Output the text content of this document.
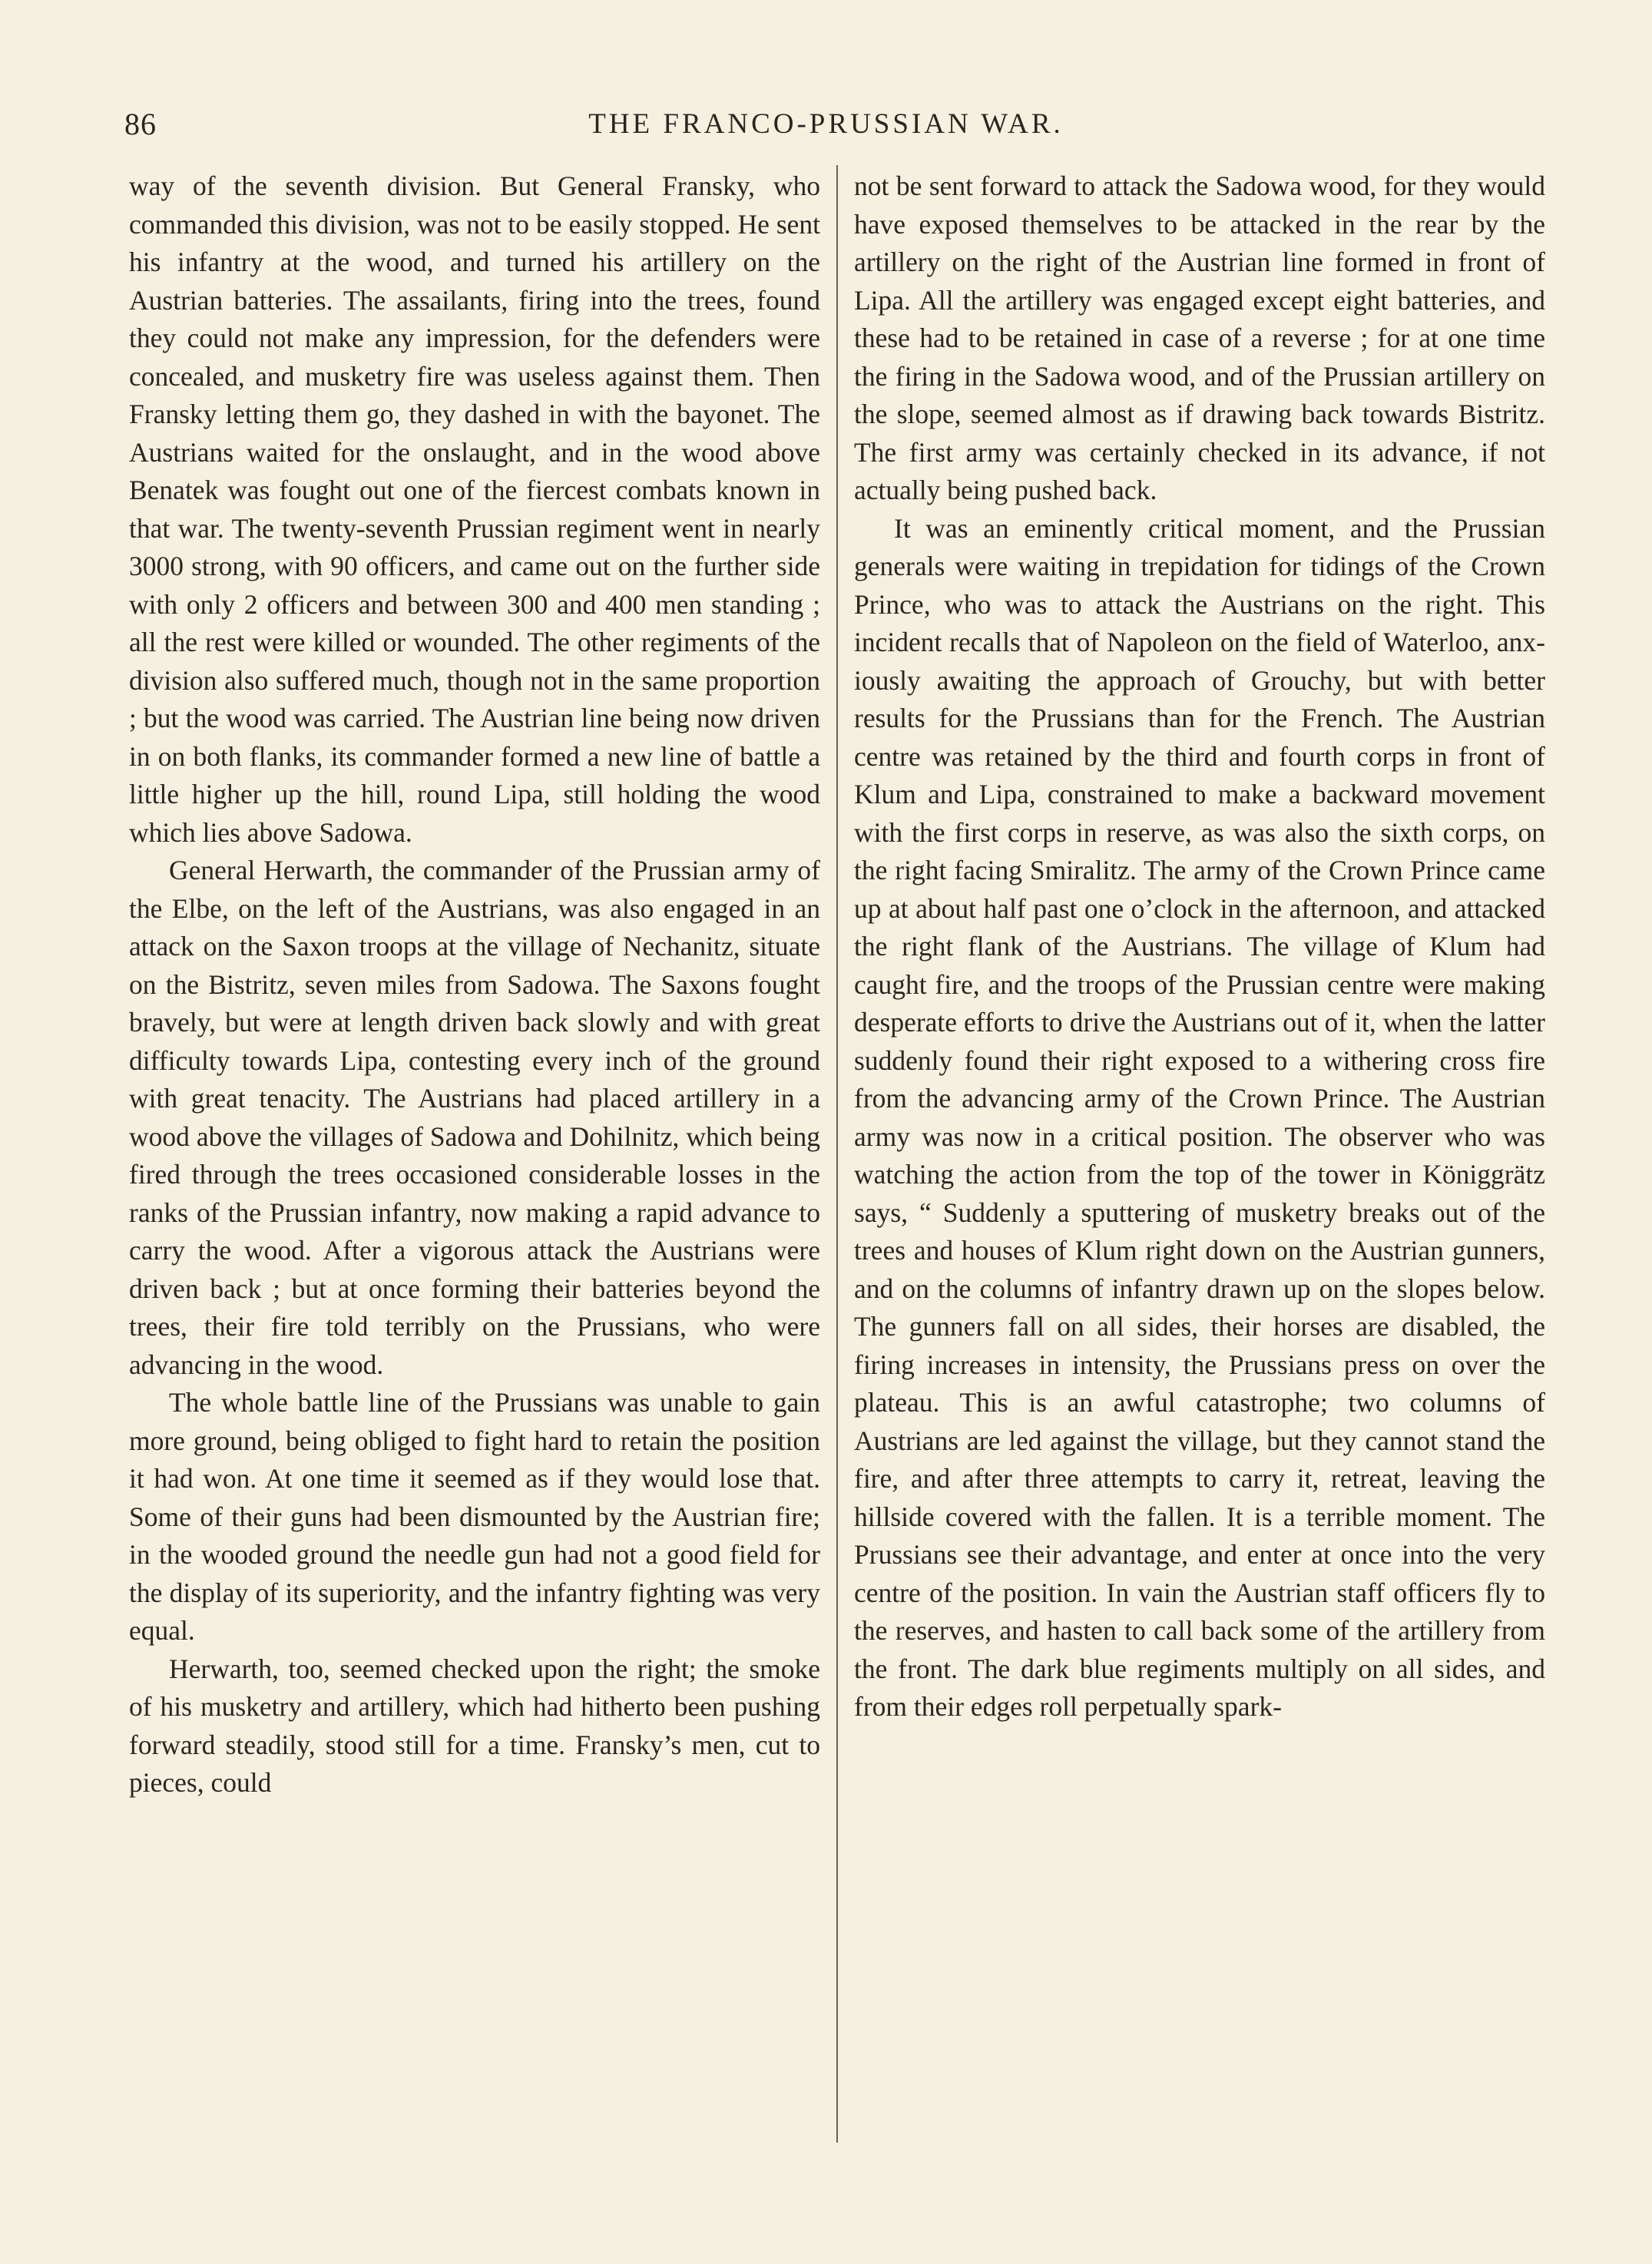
86	THE FRANCO-PRUSSIAN WAR.

way of the seventh division. But General Fransky, who commanded this division, was not to be easily stopped. He sent his infantry at the wood, and turned his artillery on the Austrian batteries. The assailants, firing into the trees, found they could not make any impression, for the defenders were concealed, and musketry fire was useless against them. Then Fransky letting them go, they dashed in with the bayonet. The Austrians waited for the onslaught, and in the wood above Benatek was fought out one of the fiercest combats known in that war. The twenty-seventh Prussian regiment went in nearly 3000 strong, with 90 officers, and came out on the further side with only 2 officers and between 300 and 400 men standing ; all the rest were killed or wounded. The other regiments of the division also suffered much, though not in the same proportion ; but the wood was carried. The Austrian line being now driven in on both flanks, its commander formed a new line of battle a little higher up the hill, round Lipa, still holding the wood which lies above Sadowa.

General Herwarth, the commander of the Prussian army of the Elbe, on the left of the Austrians, was also engaged in an attack on the Saxon troops at the village of Nechanitz, situate on the Bistritz, seven miles from Sadowa. The Saxons fought bravely, but were at length driven back slowly and with great difficulty towards Lipa, contesting every inch of the ground with great tenacity. The Austrians had placed artillery in a wood above the villages of Sadowa and Dohilnitz, which being fired through the trees occasioned considerable losses in the ranks of the Prussian infantry, now making a rapid advance to carry the wood. After a vigorous attack the Austrians were driven back ; but at once forming their batteries beyond the trees, their fire told terribly on the Prussians, who were advancing in the wood.

The whole battle line of the Prussians was unable to gain more ground, being obliged to fight hard to retain the position it had won. At one time it seemed as if they would lose that. Some of their guns had been dismounted by the Austrian fire; in the wooded ground the needle gun had not a good field for the display of its superiority, and the infantry fighting was very equal.

Herwarth, too, seemed checked upon the right; the smoke of his musketry and artillery, which had hitherto been pushing forward steadily, stood still for a time. Fransky’s men, cut to pieces, could

not be sent forward to attack the Sadowa wood, for they would have exposed themselves to be attacked in the rear by the artillery on the right of the Austrian line formed in front of Lipa. All the artillery was engaged except eight batteries, and these had to be retained in case of a reverse ; for at one time the firing in the Sadowa wood, and of the Prussian artillery on the slope, seemed almost as if drawing back towards Bistritz. The first army was certainly checked in its advance, if not actually being pushed back.

It was an eminently critical moment, and the Prussian generals were waiting in trepidation for tidings of the Crown Prince, who was to attack the Austrians on the right. This incident recalls that of Napoleon on the field of Waterloo, anxiously awaiting the approach of Grouchy, but with better results for the Prussians than for the French. The Austrian centre was retained by the third and fourth corps in front of Klum and Lipa, constrained to make a backward movement with the first corps in reserve, as was also the sixth corps, on the right facing Smiralitz. The army of the Crown Prince came up at about half past one o’clock in the afternoon, and attacked the right flank of the Austrians. The village of Klum had caught fire, and the troops of the Prussian centre were making desperate efforts to drive the Austrians out of it, when the latter suddenly found their right exposed to a withering cross fire from the advancing army of the Crown Prince. The Austrian army was now in a critical position. The observer who was watching the action from the top of the tower in Königgrätz says, “ Suddenly a sputtering of musketry breaks out of the trees and houses of Klum right down on the Austrian gunners, and on the columns of infantry drawn up on the slopes below. The gunners fall on all sides, their horses are disabled, the firing increases in intensity, the Prussians press on over the plateau. This is an awful catastrophe; two columns of Austrians are led against the village, but they cannot stand the fire, and after three attempts to carry it, retreat, leaving the hillside covered with the fallen. It is a terrible moment. The Prussians see their advantage, and enter at once into the very centre of the position. In vain the Austrian staff officers fly to the reserves, and hasten to call back some of the artillery from the front. The dark blue regiments multiply on all sides, and from their edges roll perpetually spark-
